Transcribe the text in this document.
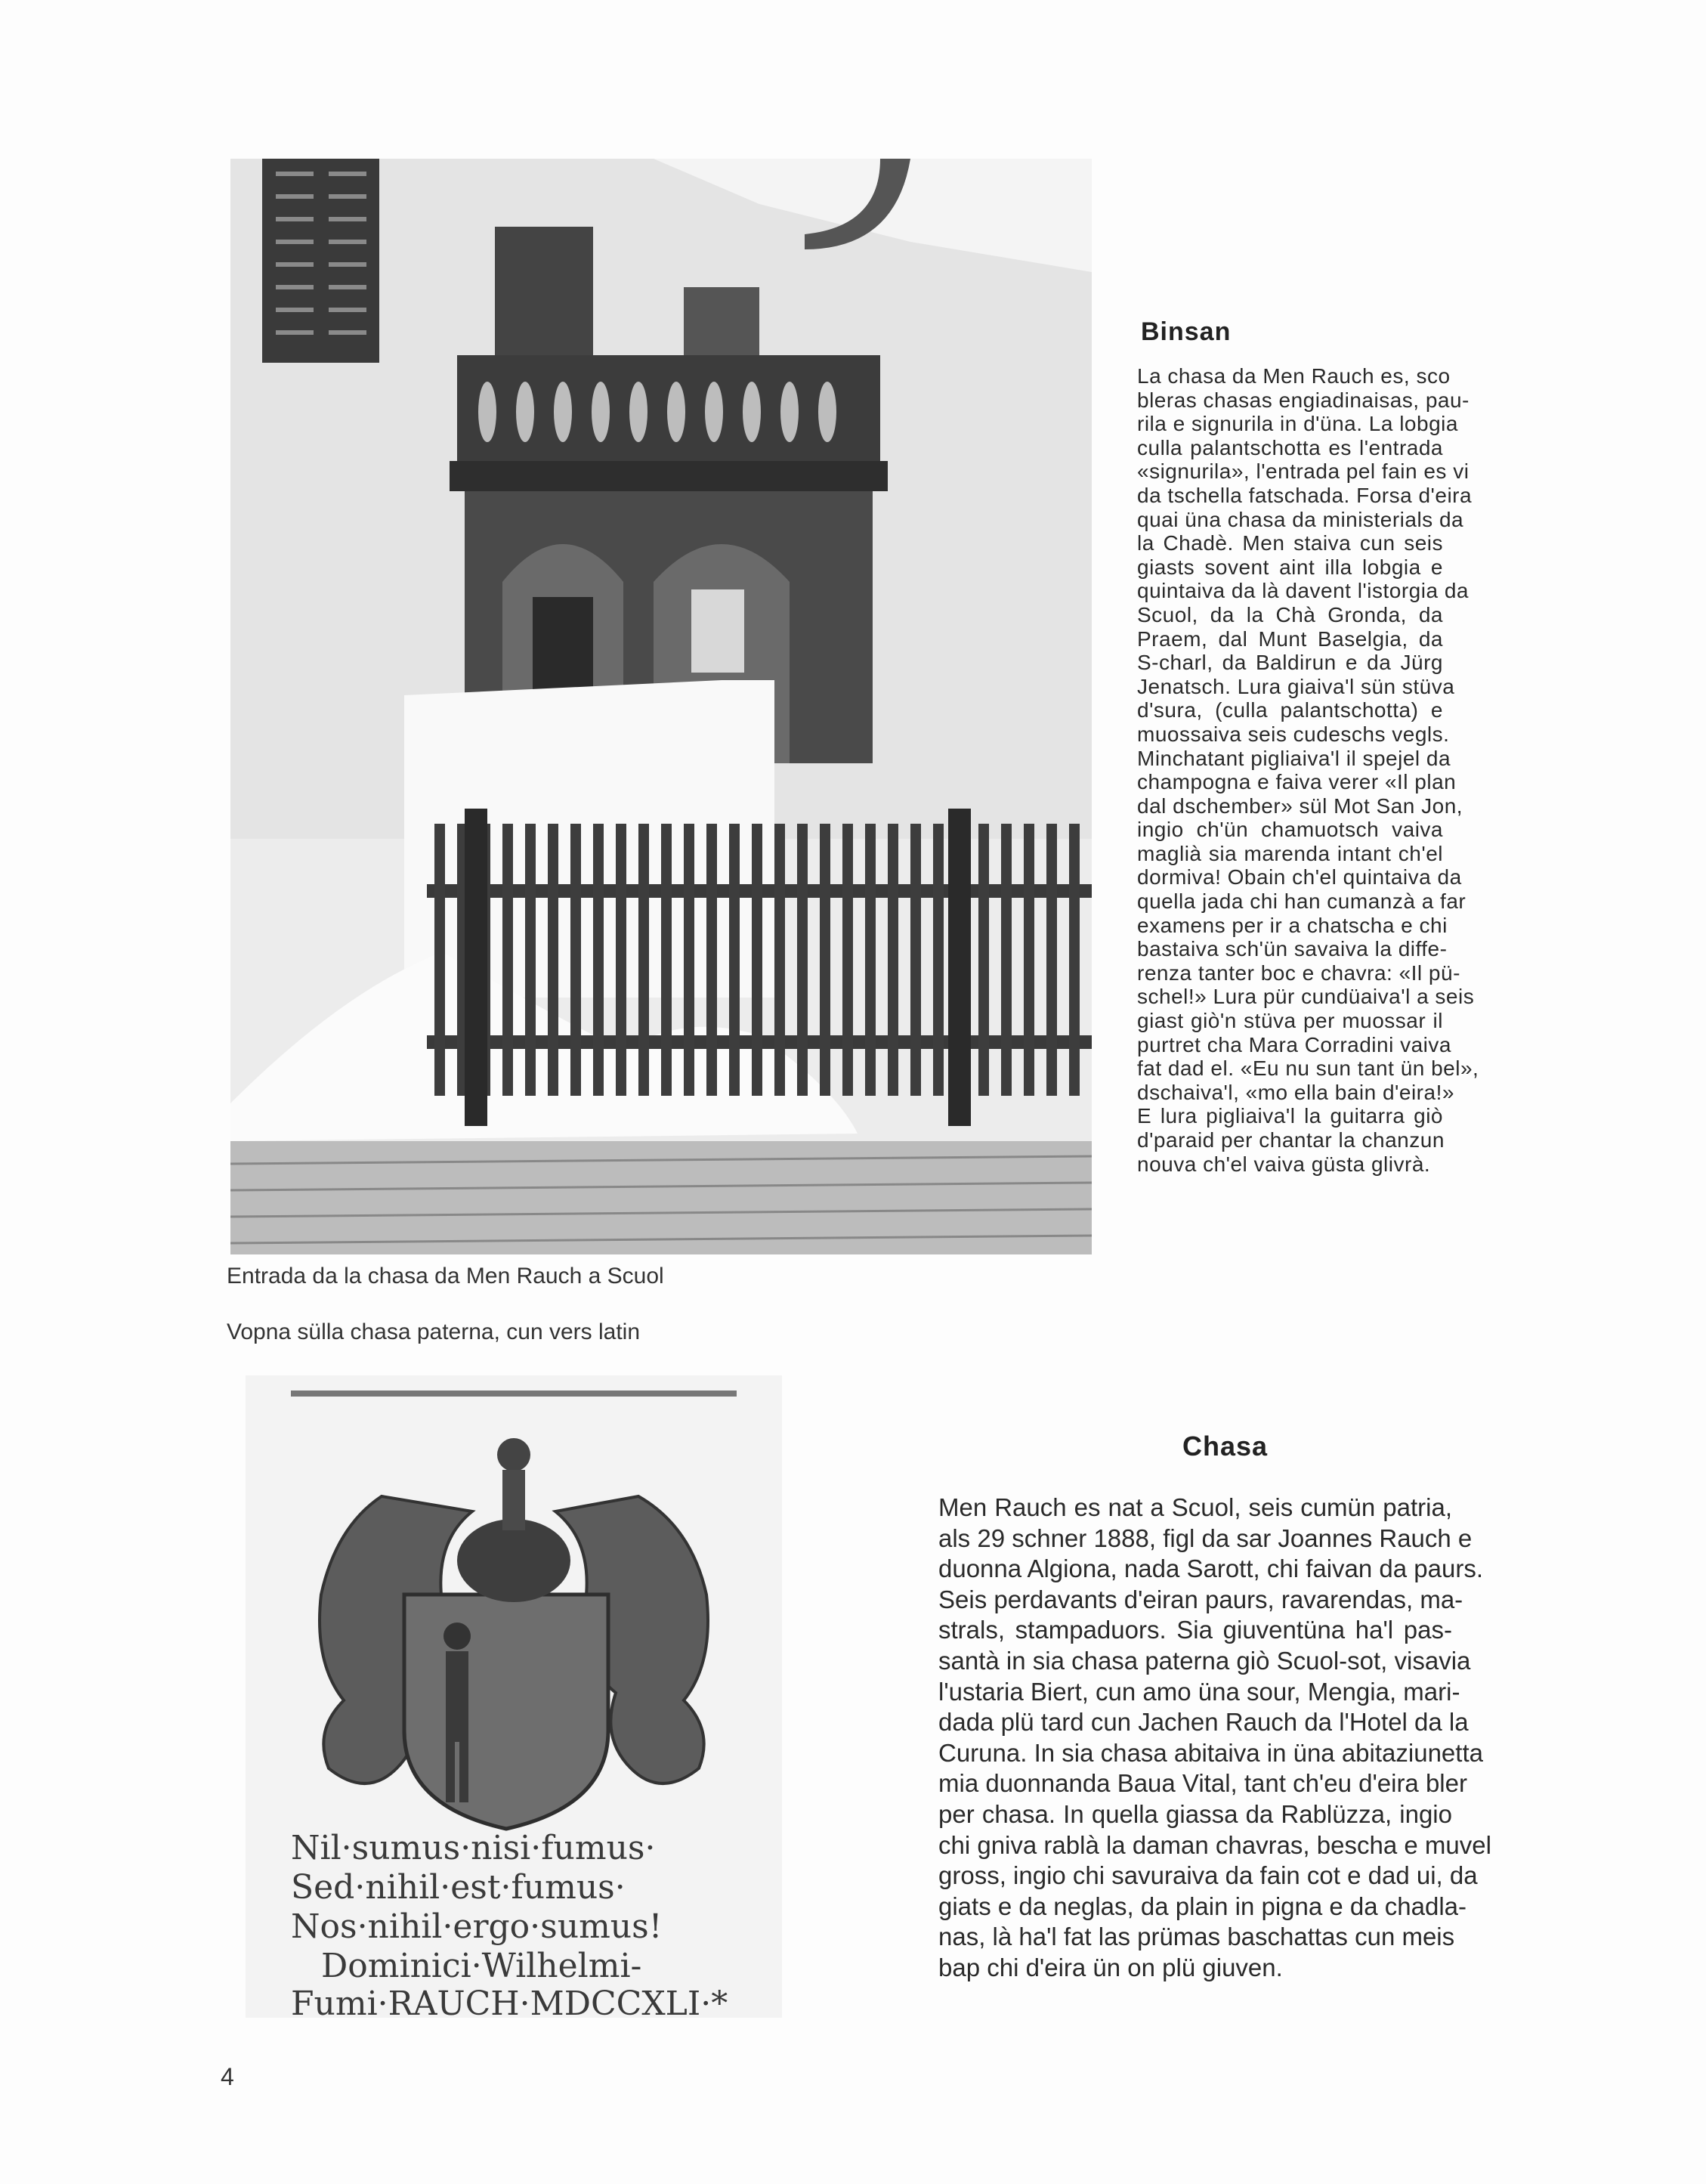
Entrada da la chasa da Men Rauch a Scuol
Vopna sülla chasa paterna, cun vers latin
Nil·sumus·nisi·fumus·
Sed·nihil·est·fumus·
Nos·nihil·ergo·sumus!
Dominici·Wilhelmi-
Fumi·RAUCH·MDCCXLI·*
Binsan
La chasa da Men Rauch es, sco
bleras chasas engiadinaisas, pau-
rila e signurila in d'üna. La lobgia
culla palantschotta es l'entrada
«signurila», l'entrada pel fain es vi
da tschella fatschada. Forsa d'eira
quai üna chasa da ministerials da
la Chadè. Men staiva cun seis
giasts sovent aint illa lobgia e
quintaiva da là davent l'istorgia da
Scuol, da la Chà Gronda, da
Praem, dal Munt Baselgia, da
S-charl, da Baldirun e da Jürg
Jenatsch. Lura giaiva'l sün stüva
d'sura, (culla palantschotta) e
muossaiva seis cudeschs vegls.
Minchatant pigliaiva'l il spejel da
champogna e faiva verer «Il plan
dal dschember» sül Mot San Jon,
ingio ch'ün chamuotsch vaiva
maglià sia marenda intant ch'el
dormiva! Obain ch'el quintaiva da
quella jada chi han cumanzà a far
examens per ir a chatscha e chi
bastaiva sch'ün savaiva la diffe-
renza tanter boc e chavra: «Il pü-
schel!» Lura pür cundüaiva'l a seis
giast giò'n stüva per muossar il
purtret cha Mara Corradini vaiva
fat dad el. «Eu nu sun tant ün bel»,
dschaiva'l, «mo ella bain d'eira!»
E lura pigliaiva'l la guitarra giò
d'paraid per chantar la chanzun
nouva ch'el vaiva güsta glivrà.
Chasa
Men Rauch es nat a Scuol, seis cumün patria,
als 29 schner 1888, figl da sar Joannes Rauch e
duonna Algiona, nada Sarott, chi faivan da paurs.
Seis perdavants d'eiran paurs, ravarendas, ma-
strals, stampaduors. Sia giuventüna ha'l pas-
santà in sia chasa paterna giò Scuol-sot, visavia
l'ustaria Biert, cun amo üna sour, Mengia, mari-
dada plü tard cun Jachen Rauch da l'Hotel da la
Curuna. In sia chasa abitaiva in üna abitaziunetta
mia duonnanda Baua Vital, tant ch'eu d'eira bler
per chasa. In quella giassa da Rablüzza, ingio
chi gniva rablà la daman chavras, bescha e muvel
gross, ingio chi savuraiva da fain cot e dad ui, da
giats e da neglas, da plain in pigna e da chadla-
nas, là ha'l fat las prümas baschattas cun meis
bap chi d'eira ün on plü giuven.
4
